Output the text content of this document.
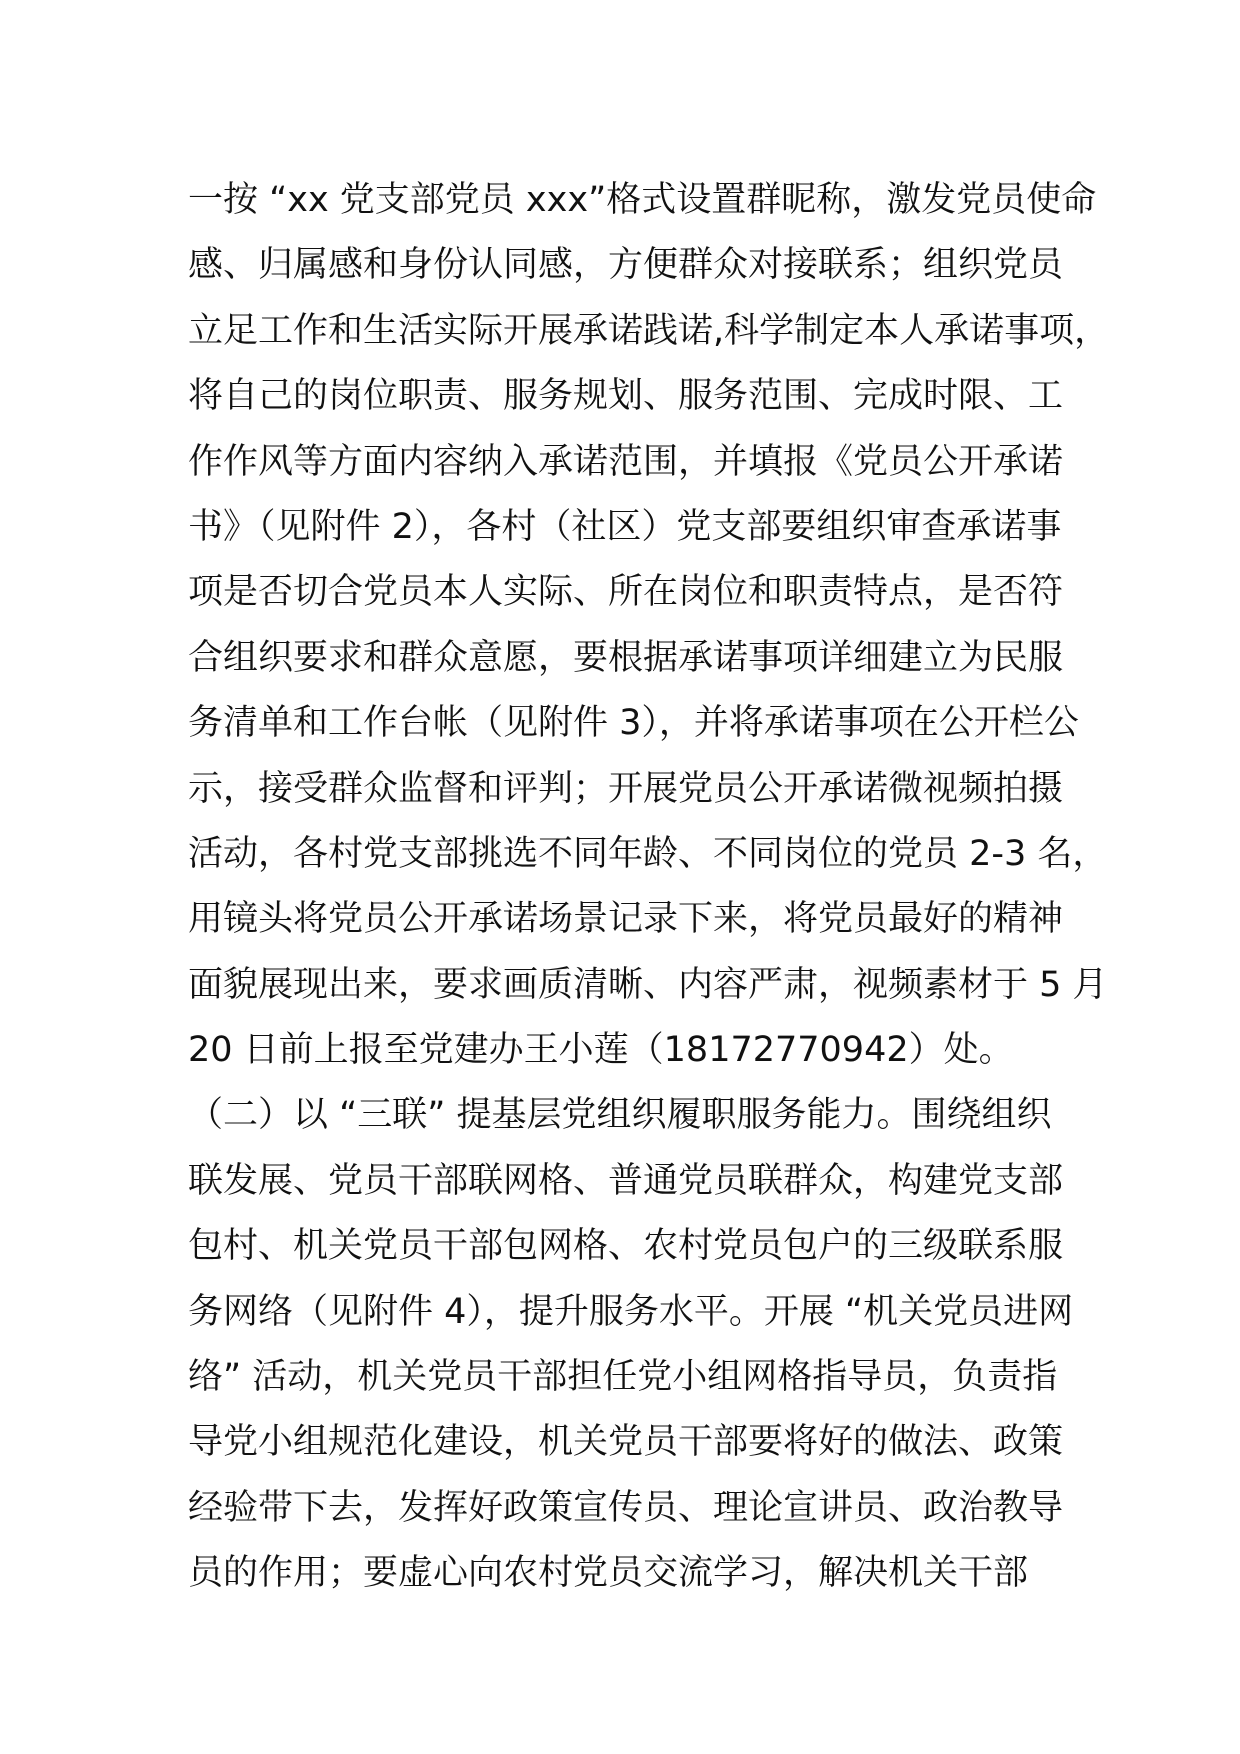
一按 “xx 党支部党员 xxx”格式设置群昵称，激发党员使命
感、归属感和身份认同感，方便群众对接联系；组织党员
立足工作和生活实际开展承诺践诺,科学制定本人承诺事项，
将自己的岗位职责、服务规划、服务范围、完成时限、工
作作风等方面内容纳入承诺范围，并填报《党员公开承诺
书》（见附件 2），各村（社区）党支部要组织审查承诺事
项是否切合党员本人实际、所在岗位和职责特点，是否符
合组织要求和群众意愿，要根据承诺事项详细建立为民服
务清单和工作台帐（见附件 3），并将承诺事项在公开栏公
示，接受群众监督和评判；开展党员公开承诺微视频拍摄
活动，各村党支部挑选不同年龄、不同岗位的党员 2-3 名，
用镜头将党员公开承诺场景记录下来，将党员最好的精神
面貌展现出来，要求画质清晰、内容严肃，视频素材于 5 月
20 日前上报至党建办王小莲（18172770942）处。
（二）以 “三联” 提基层党组织履职服务能力。围绕组织
联发展、党员干部联网格、普通党员联群众，构建党支部
包村、机关党员干部包网格、农村党员包户的三级联系服
务网络（见附件 4），提升服务水平。开展 “机关党员进网
络” 活动，机关党员干部担任党小组网格指导员，负责指
导党小组规范化建设，机关党员干部要将好的做法、政策
经验带下去，发挥好政策宣传员、理论宣讲员、政治教导
员的作用；要虚心向农村党员交流学习，解决机关干部
